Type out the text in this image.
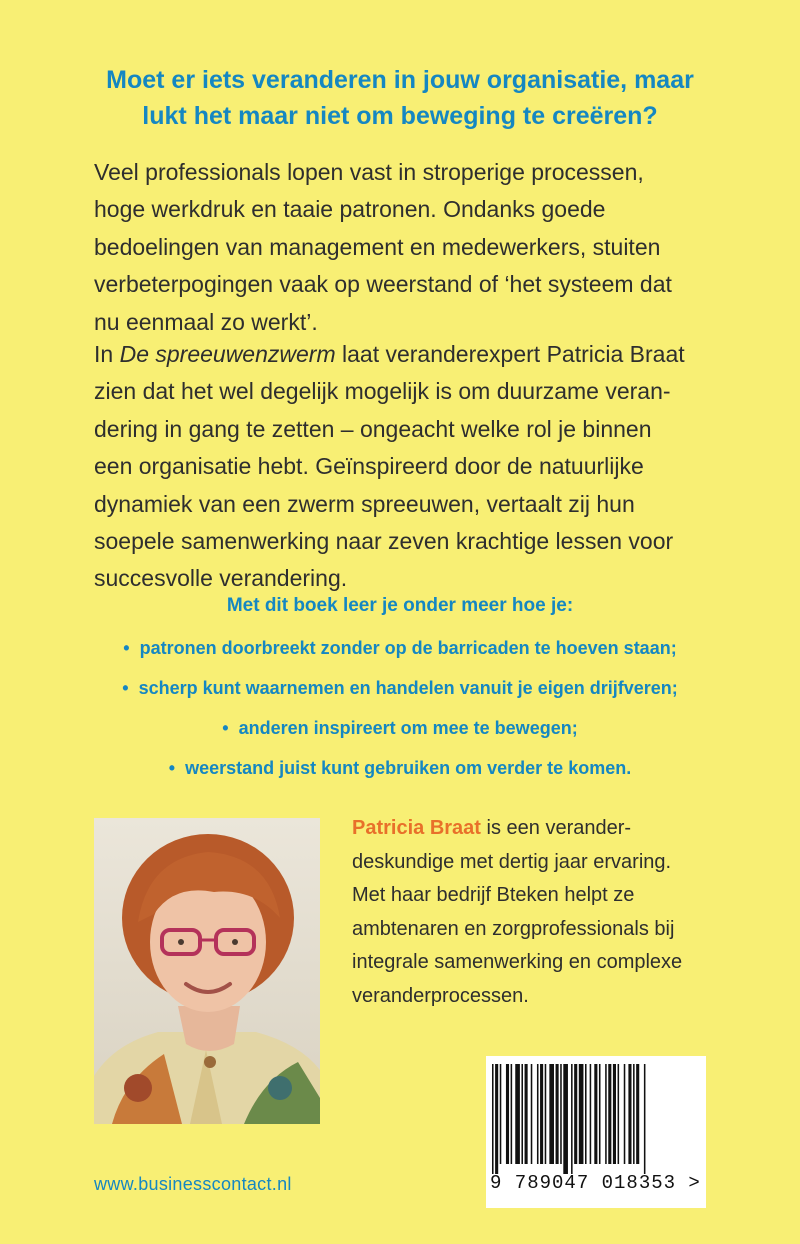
Moet er iets veranderen in jouw organisatie, maar
lukt het maar niet om beweging te creëren?

Veel professionals lopen vast in stroperige processen,
hoge werkdruk en taaie patronen. Ondanks goede
bedoelingen van management en medewerkers, stuiten
verbeterpogingen vaak op weerstand of ‘het systeem dat
nu eenmaal zo werkt’.

In De spreeuwenzwerm laat veranderexpert Patricia Braat
zien dat het wel degelijk mogelijk is om duurzame veran-
dering in gang te zetten – ongeacht welke rol je binnen
een organisatie hebt. Geïnspireerd door de natuurlijke
dynamiek van een zwerm spreeuwen, vertaalt zij hun
soepele samenwerking naar zeven krachtige lessen voor
succesvolle verandering.

Met dit boek leer je onder meer hoe je:
• patronen doorbreekt zonder op de barricaden te hoeven staan;
• scherp kunt waarnemen en handelen vanuit je eigen drijfveren;
• anderen inspireert om mee te bewegen;
• weerstand juist kunt gebruiken om verder te komen.

Patricia Braat is een verander-
deskundige met dertig jaar ervaring.
Met haar bedrijf Bteken helpt ze
ambtenaren en zorgprofessionals bij
integrale samenwerking en complexe
veranderprocessen.

9 789047 018353 >
www.businesscontact.nl
